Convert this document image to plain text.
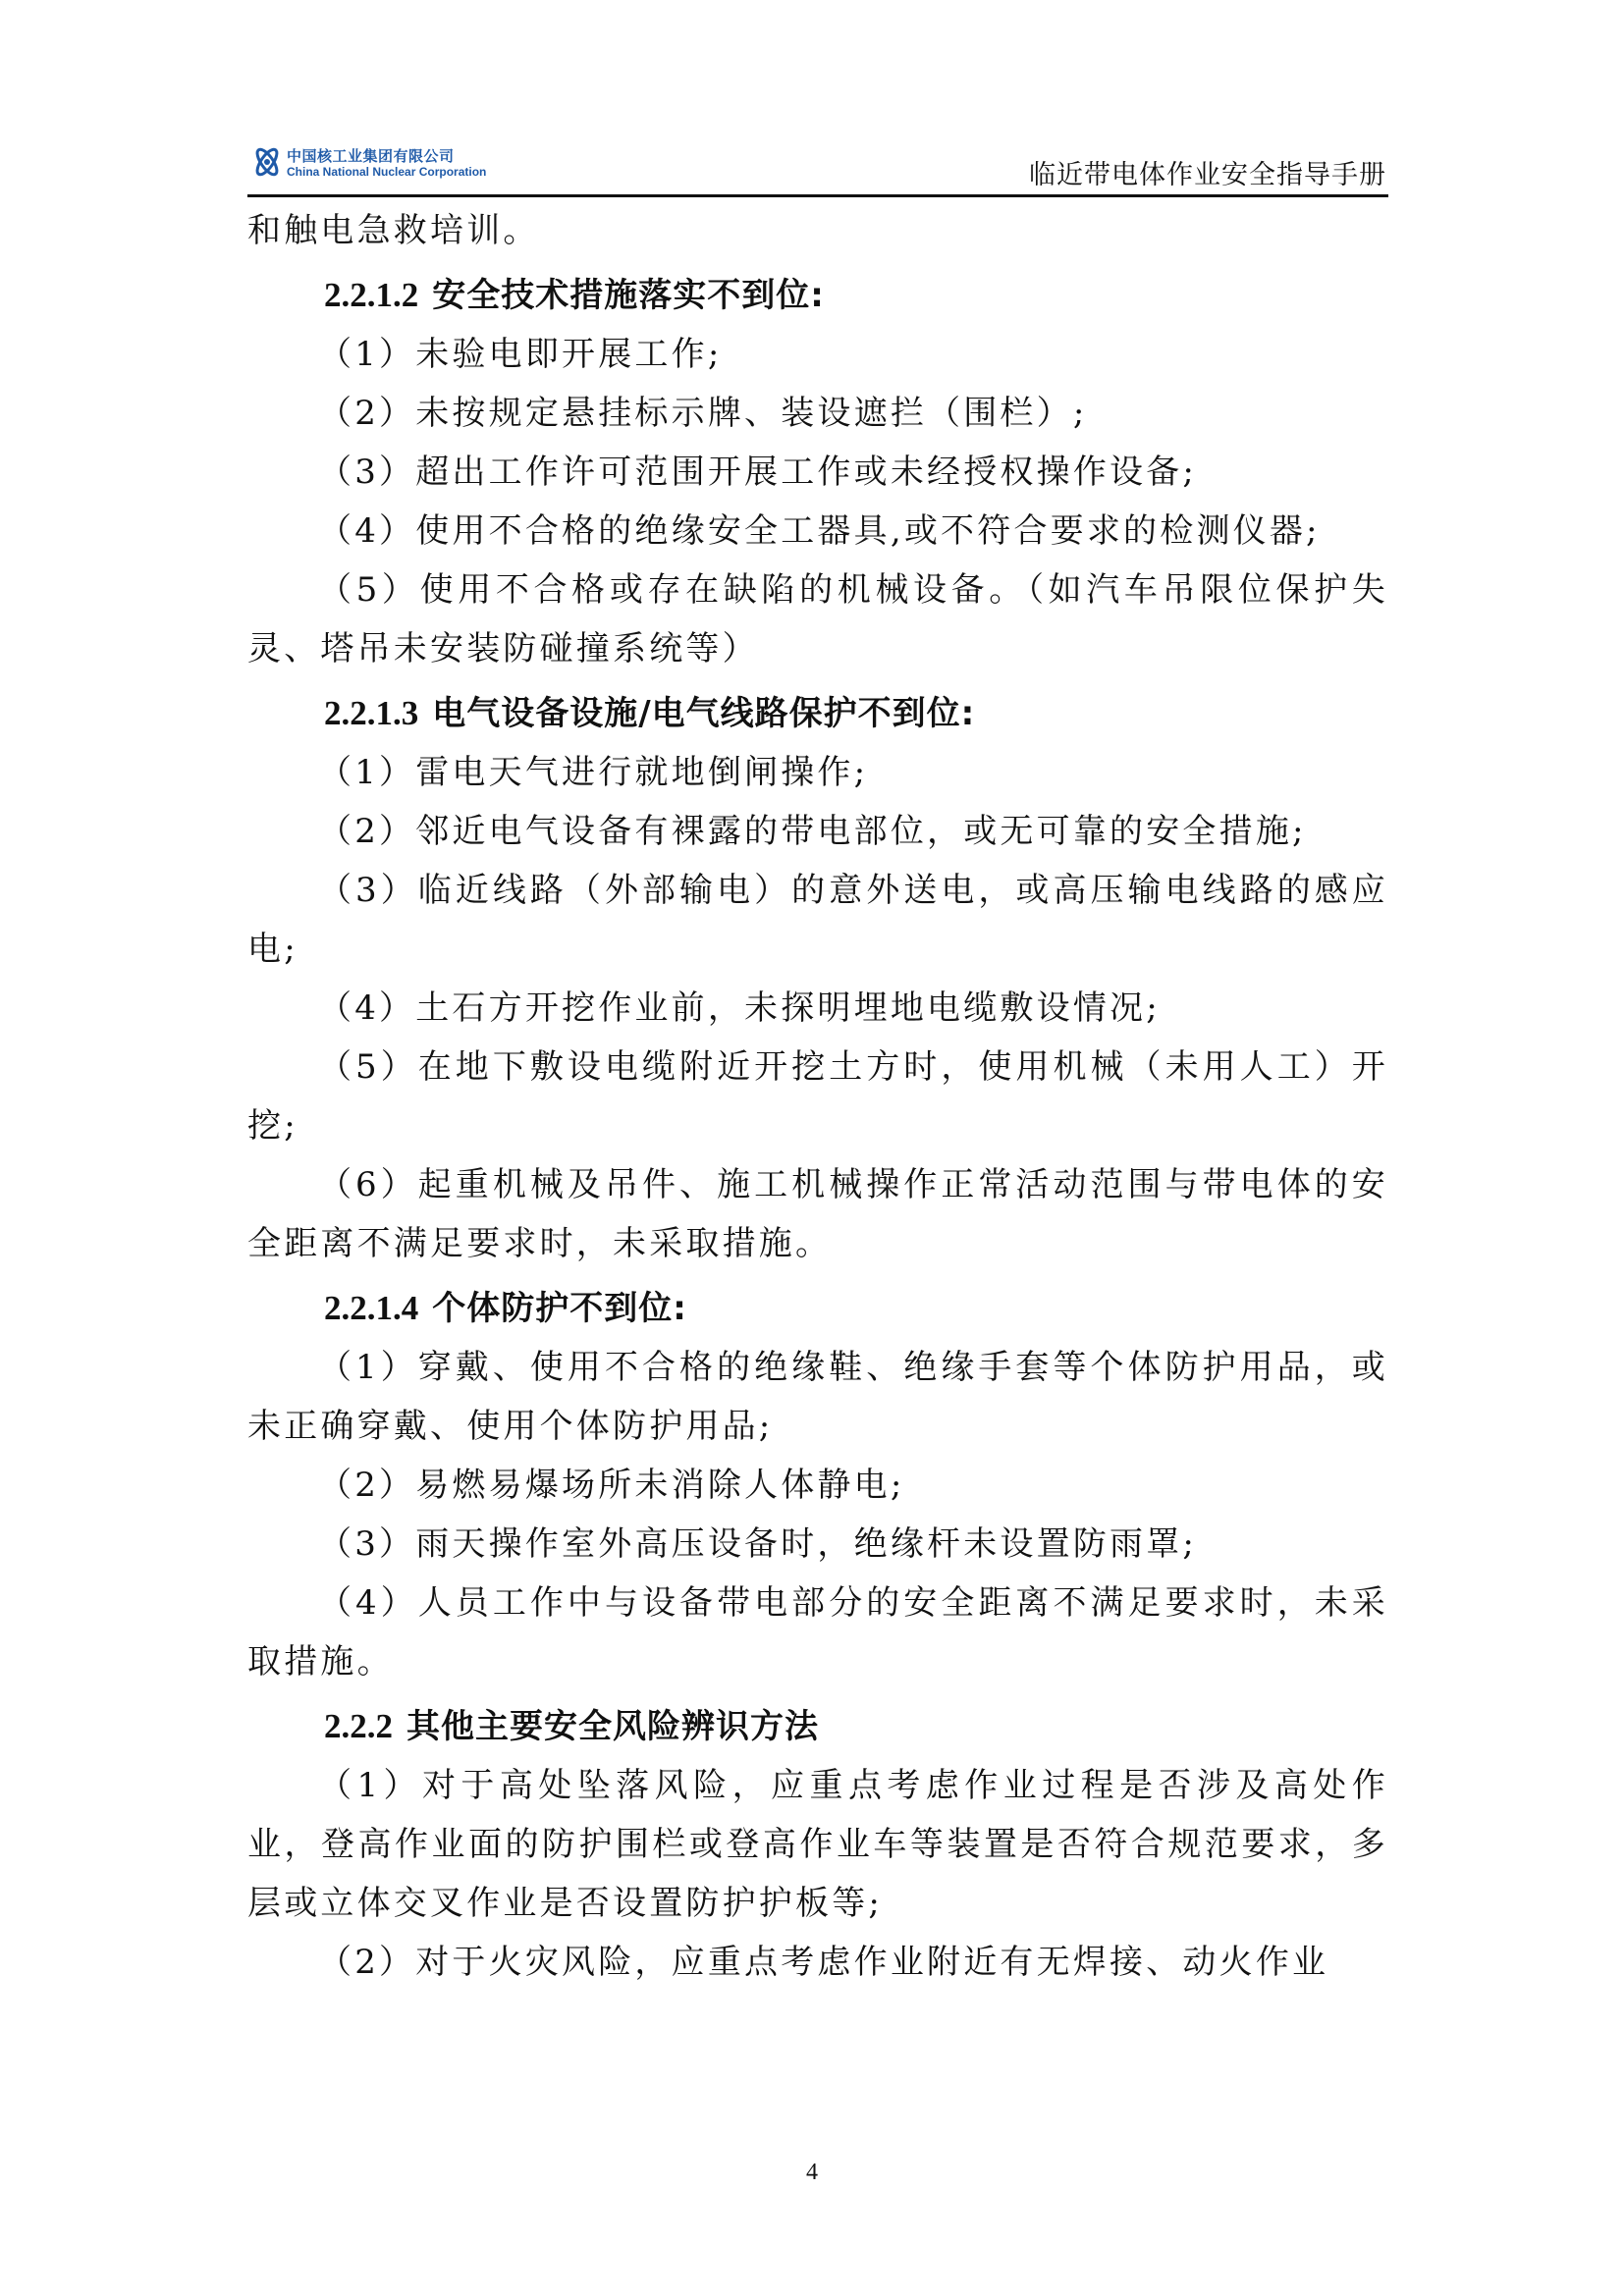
中国核工业集团有限公司
China National Nuclear Corporation	临近带电体作业安全指导手册

和触电急救培训。

2.2.1.2 安全技术措施落实不到位:

（1）未验电即开展工作;

（2）未按规定悬挂标示牌、装设遮拦（围栏）;

（3）超出工作许可范围开展工作或未经授权操作设备;

（4）使用不合格的绝缘安全工器具,或不符合要求的检测仪器;

（5）使用不合格或存在缺陷的机械设备。（如汽车吊限位保护失灵、塔吊未安装防碰撞系统等）

2.2.1.3 电气设备设施/电气线路保护不到位:

（1）雷电天气进行就地倒闸操作;

（2）邻近电气设备有裸露的带电部位，或无可靠的安全措施;

（3）临近线路（外部输电）的意外送电，或高压输电线路的感应电;

（4）土石方开挖作业前，未探明埋地电缆敷设情况;

（5）在地下敷设电缆附近开挖土方时，使用机械（未用人工）开挖;

（6）起重机械及吊件、施工机械操作正常活动范围与带电体的安全距离不满足要求时，未采取措施。

2.2.1.4 个体防护不到位:

（1）穿戴、使用不合格的绝缘鞋、绝缘手套等个体防护用品，或未正确穿戴、使用个体防护用品;

（2）易燃易爆场所未消除人体静电;

（3）雨天操作室外高压设备时，绝缘杆未设置防雨罩;

（4）人员工作中与设备带电部分的安全距离不满足要求时，未采取措施。

2.2.2 其他主要安全风险辨识方法

（1）对于高处坠落风险，应重点考虑作业过程是否涉及高处作业，登高作业面的防护围栏或登高作业车等装置是否符合规范要求，多层或立体交叉作业是否设置防护护板等;

（2）对于火灾风险，应重点考虑作业附近有无焊接、动火作业

4
